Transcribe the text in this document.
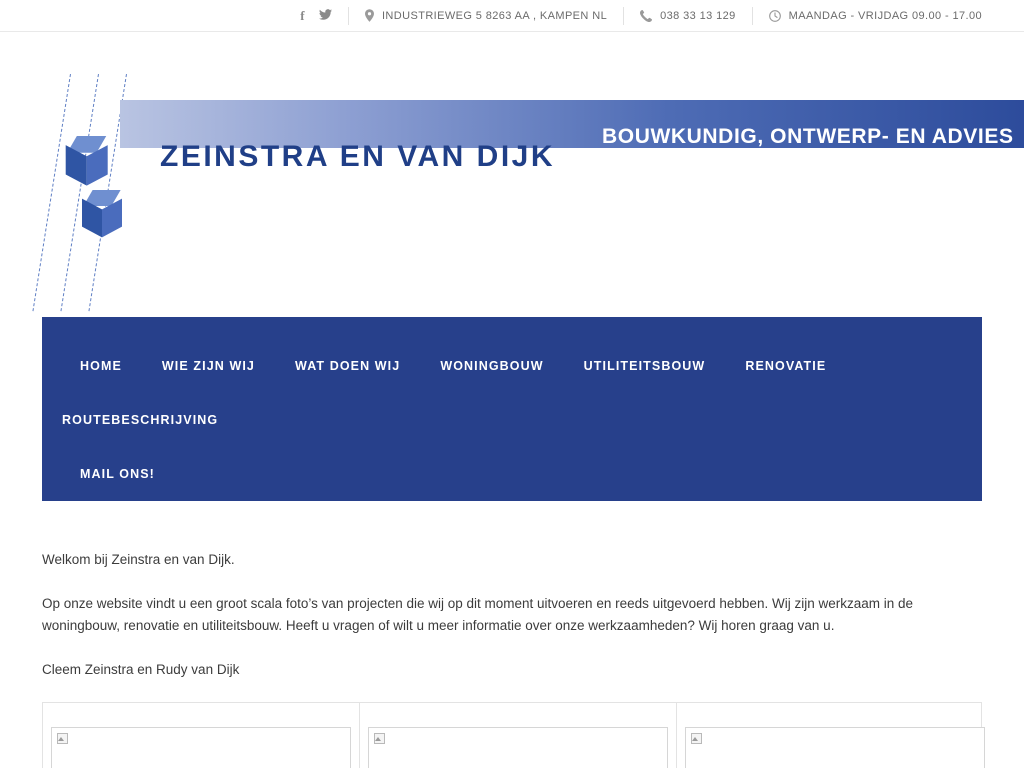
f	INDUSTRIEWEG 5 8263 AA , KAMPEN NL	038 33 13 129	MAANDAG - VRIJDAG 09.00 - 17.00
ZEINSTRA EN VAN DIJK
BOUWKUNDIG, ONTWERP- EN ADVIES
HOME	WIE ZIJN WIJ	WAT DOEN WIJ	WONINGBOUW	UTILITEITSBOUW	RENOVATIE
ROUTEBESCHRIJVING
MAIL ONS!

Welkom bij Zeinstra en van Dijk.

Op onze website vindt u een groot scala foto’s van projecten die wij op dit moment uitvoeren en reeds uitgevoerd hebben. Wij zijn werkzaam in de woningbouw, renovatie en utiliteitsbouw. Heeft u vragen of wilt u meer informatie over onze werkzaamheden? Wij horen graag van u.

Cleem Zeinstra en Rudy van Dijk
